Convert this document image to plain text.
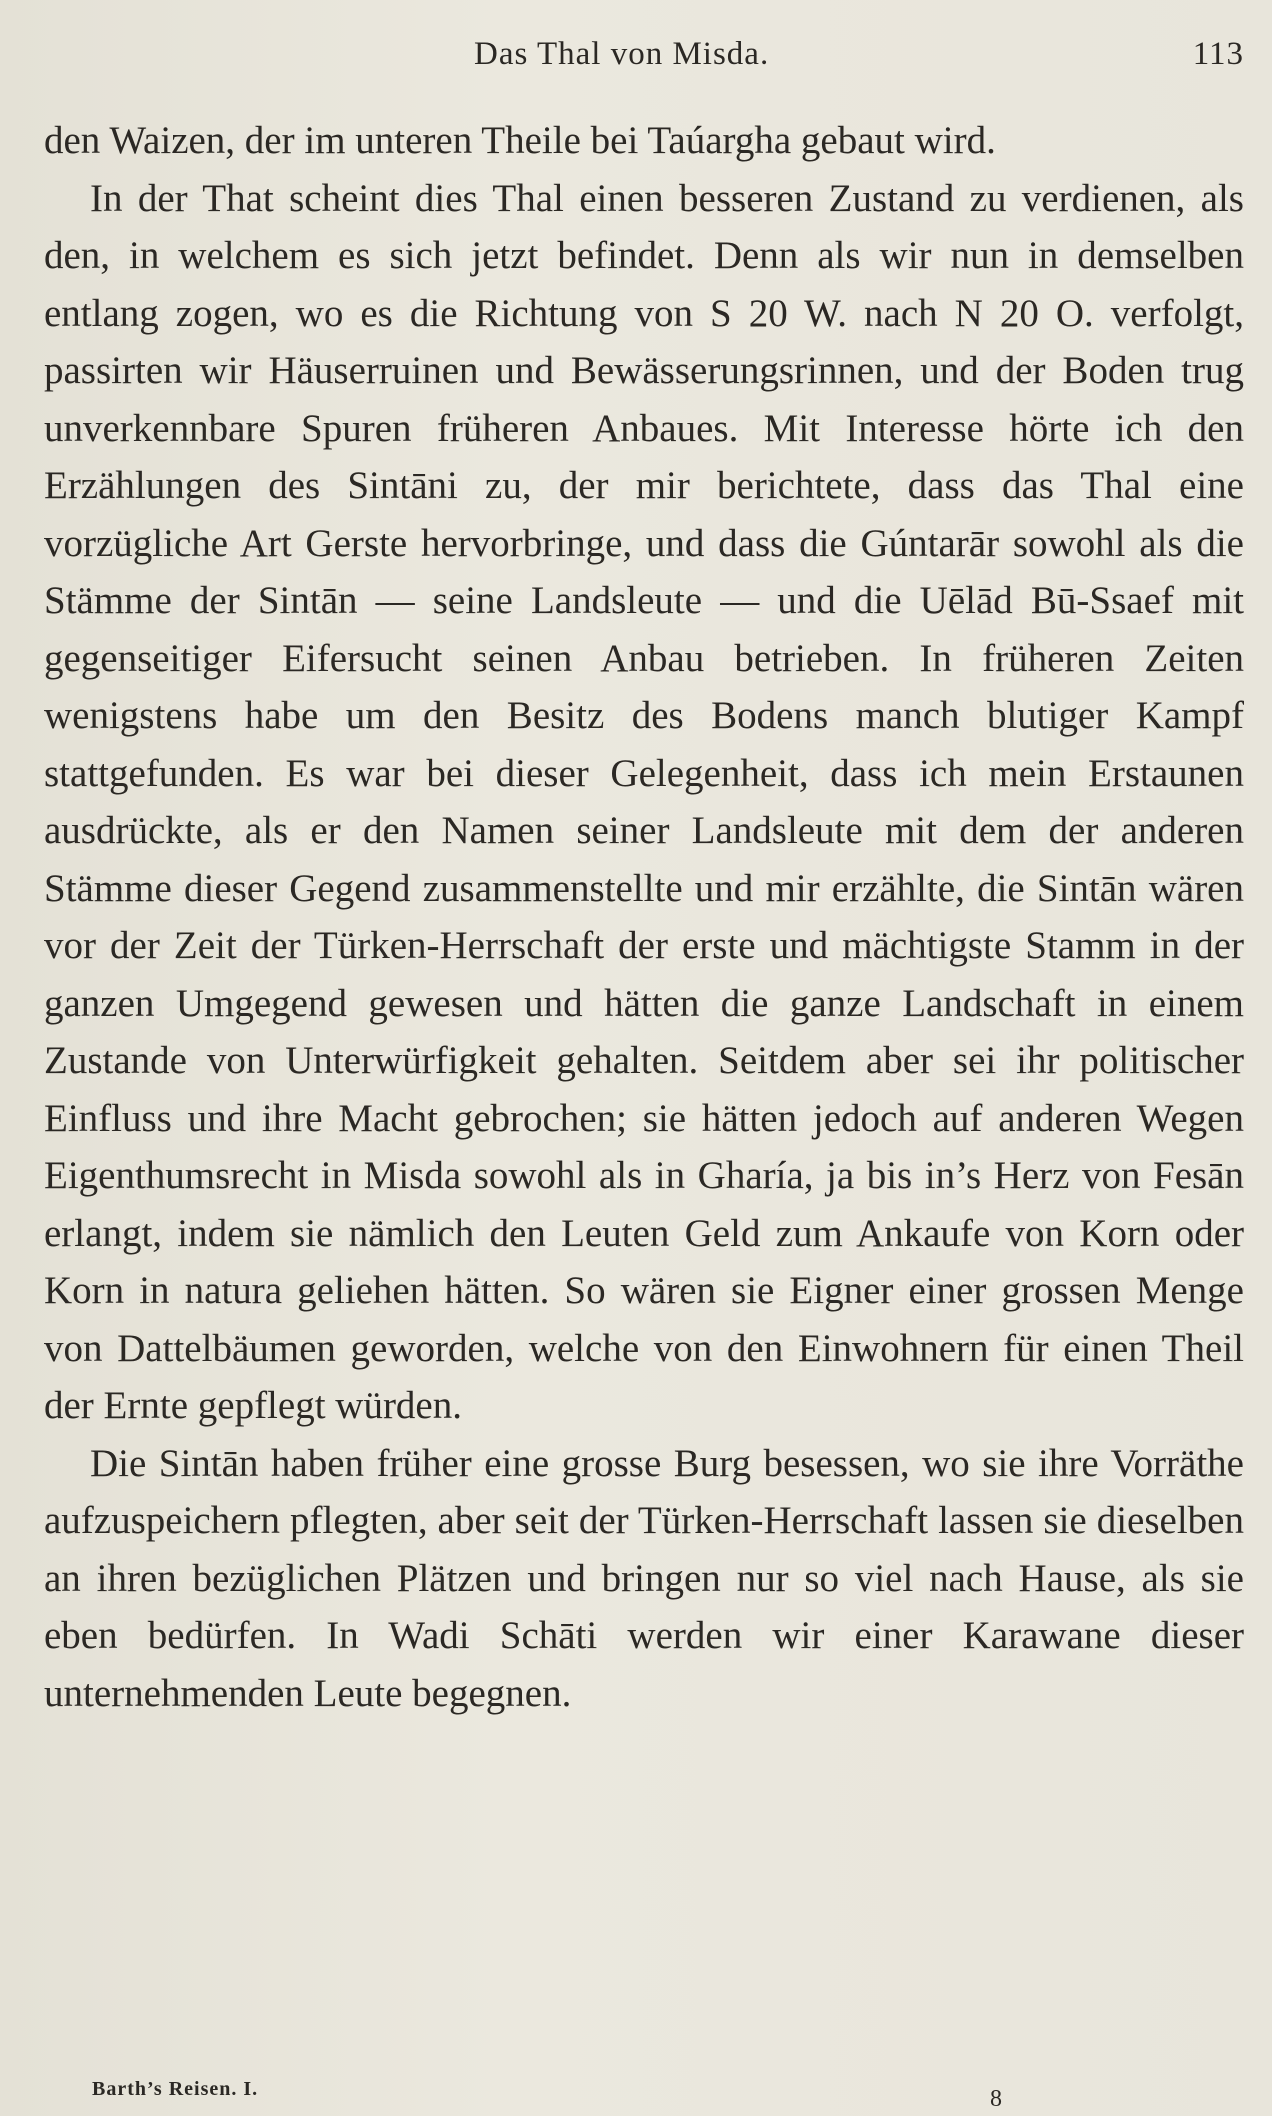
Das Thal von Misda.	113

den Waizen, der im unteren Theile bei Taúargha gebaut wird.

In der That scheint dies Thal einen besseren Zustand zu verdienen, als den, in welchem es sich jetzt befindet. Denn als wir nun in demselben entlang zogen, wo es die Richtung von S 20 W. nach N 20 O. verfolgt, passirten wir Häuserruinen und Bewässerungsrinnen, und der Boden trug unverkennbare Spuren früheren Anbaues. Mit Interesse hörte ich den Erzählungen des Sintāni zu, der mir berichtete, dass das Thal eine vorzügliche Art Gerste hervorbringe, und dass die Gúntarār sowohl als die Stämme der Sintān — seine Landsleute — und die Uēlād Bū-Ssaef mit gegenseitiger Eifersucht seinen Anbau betrieben. In früheren Zeiten wenigstens habe um den Besitz des Bodens manch blutiger Kampf stattgefunden. Es war bei dieser Gelegenheit, dass ich mein Erstaunen ausdrückte, als er den Namen seiner Landsleute mit dem der anderen Stämme dieser Gegend zusammenstellte und mir erzählte, die Sintān wären vor der Zeit der Türken-Herrschaft der erste und mächtigste Stamm in der ganzen Umgegend gewesen und hätten die ganze Landschaft in einem Zustande von Unterwürfigkeit gehalten. Seitdem aber sei ihr politischer Einfluss und ihre Macht gebrochen; sie hätten jedoch auf anderen Wegen Eigenthumsrecht in Misda sowohl als in Gharía, ja bis in’s Herz von Fesān erlangt, indem sie nämlich den Leuten Geld zum Ankaufe von Korn oder Korn in natura geliehen hätten. So wären sie Eigner einer grossen Menge von Dattelbäumen geworden, welche von den Einwohnern für einen Theil der Ernte gepflegt würden.

Die Sintān haben früher eine grosse Burg besessen, wo sie ihre Vorräthe aufzuspeichern pflegten, aber seit der Türken-Herrschaft lassen sie dieselben an ihren bezüglichen Plätzen und bringen nur so viel nach Hause, als sie eben bedürfen. In Wadi Schāti werden wir einer Karawane dieser unternehmenden Leute begegnen.

Barth’s Reisen. I.	8
